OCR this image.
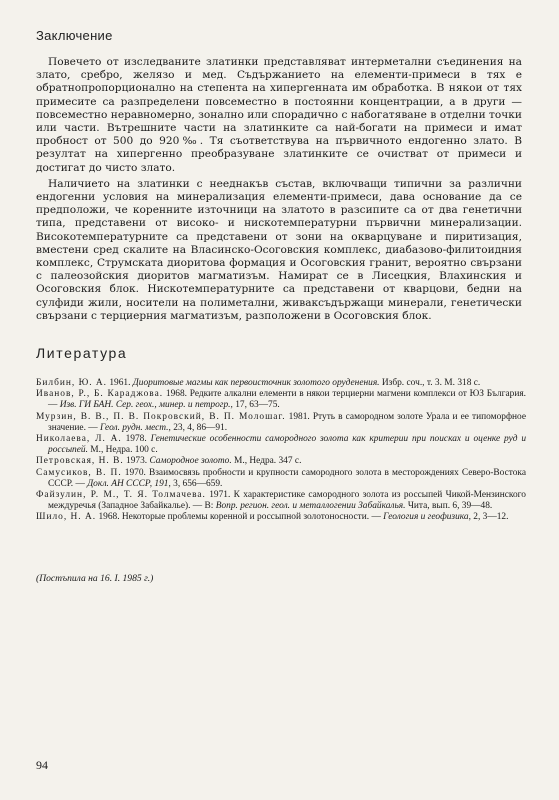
Заключение

Повечето от изследваните златинки представляват интерметални съединения на злато, сребро, желязо и мед. Съдържанието на елементи-примеси в тях е обратнопропорционално на степента на хипергенната им обработка. В някои от тях примесите са разпределени повсеместно в постоянни концентрации, а в други — повсеместно неравномерно, зонално или спорадично с набогатяване в отделни точки или части. Вътрешните части на златинките са най-богати на примеси и имат пробност от 500 до 920‰. Тя съответствува на първичното ендогенно злато. В резултат на хипергенно преобразуване златинките се очистват от примеси и достигат до чисто злато.

Наличието на златинки с нееднакъв състав, включващи типични за различни ендогенни условия на минерализация елементи-примеси, дава основание да се предположи, че коренните източници на златото в разсипите са от два генетични типа, представени от високо- и нискотемпературни първични минерализации. Високотемпературните са представени от зони на окварцуване и пиритизация, вместени сред скалите на Власинско-Осоговския комплекс, диабазово-филитоидния комплекс, Струмската диоритова формация и Осоговския гранит, вероятно свързани с палеозойския диоритов магматизъм. Намират се в Лисецкия, Влахинския и Осоговския блок. Нискотемпературните са представени от кварцови, бедни на сулфиди жили, носители на полиметални, живаксъдържащи минерали, генетически свързани с терциерния магматизъм, разположени в Осоговския блок.

Литература

Билбин, Ю. А. 1961. Диоритовые магмы как первоисточник золотого оруденения. Избр. соч., т. 3. М. 318 с.

Иванов, Р., Б. Караджова. 1968. Редките алкални елементи в някои терциерни магмени комплекси от ЮЗ България. — Изв. ГИ БАН. Сер. геох., минер. и петрогр., 17, 63—75.

Мурзин, В. В., П. В. Покровский, В. П. Молошаг. 1981. Ртуть в самородном золоте Урала и ее типоморфное значение. — Геол. рудн. мест., 23, 4, 86—91.

Николаева, Л. А. 1978. Генетические особенности самородного золота как критерии при поисках и оценке руд и россыпей. М., Недра. 100 с.

Петровская, Н. В. 1973. Самородное золото. М., Недра. 347 с.

Самусиков, В. П. 1970. Взаимосвязь пробности и крупности самородного золота в месторождениях Северо-Востока СССР. — Докл. АН СССР, 191, 3, 656—659.

Файзулин, Р. М., Т. Я. Толмачева. 1971. К характеристике самородного золота из россыпей Чикой-Мензинского междуречья (Западное Забайкалье). — В: Вопр. регион. геол. и металлогении Забайкалья. Чита, вып. 6, 39—48.

Шило, Н. А. 1968. Некоторые проблемы коренной и россыпной золотоносности. — Геология и геофизика, 2, 3—12.

(Постъпила на 16. I. 1985 г.)
94
